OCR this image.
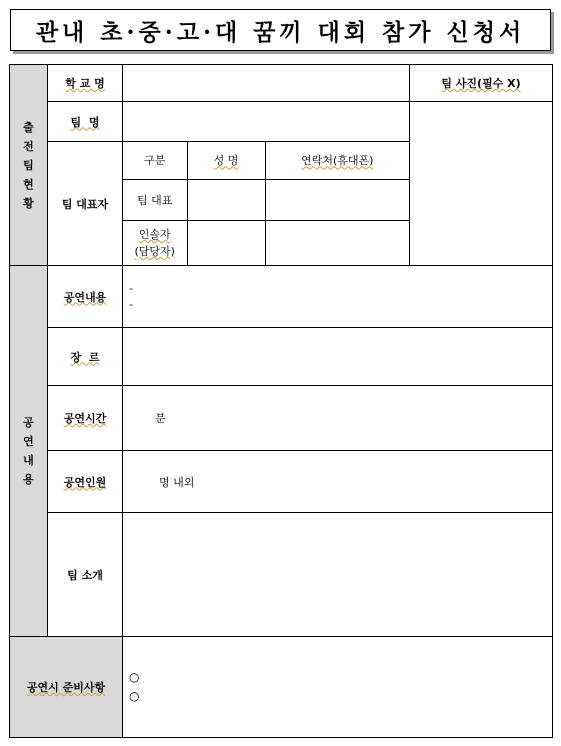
관내 초·중·고·대 꿈끼 대회 참가 신청서
출전팀 현황	학 교 명		팀 사진(필수 X)
팀  명		
팀 대표자	
구분	성 명	연락처(휴대폰)
팀 대표		
인솔자 (담당자)		

공연내용	공연내용	
-
-

장  르	
공연시간	분
공연인원	명 내외
팀 소개	
공연시 준비사항	
○
○
